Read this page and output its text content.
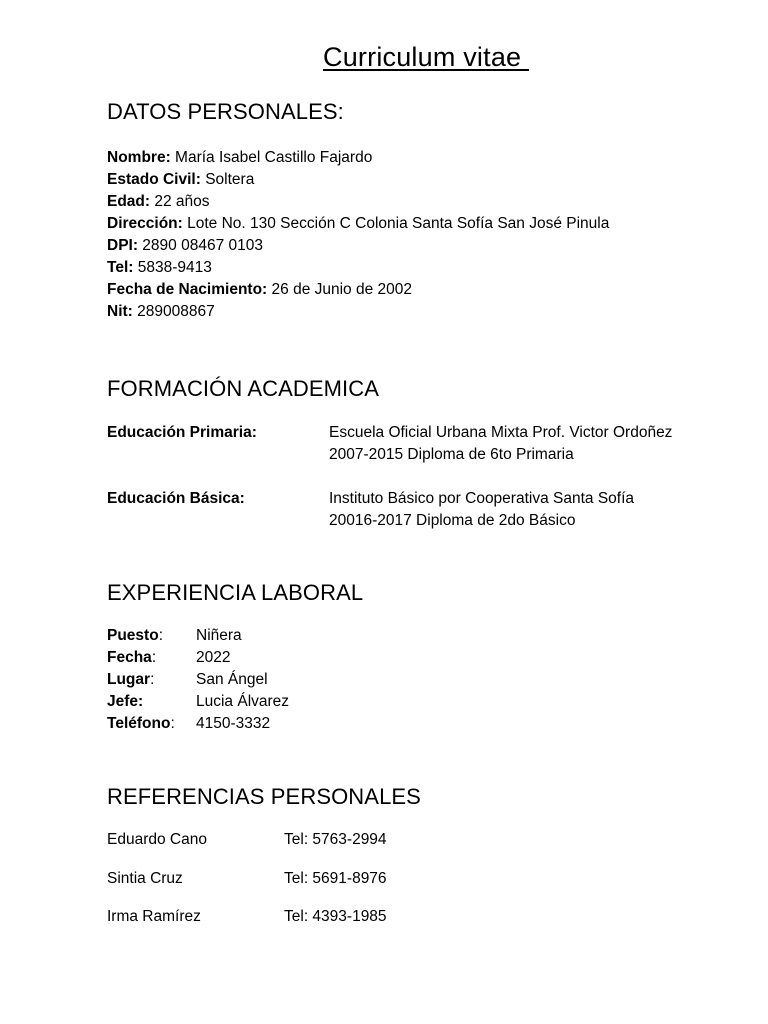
Curriculum vitae
DATOS PERSONALES:
Nombre: María Isabel Castillo Fajardo
Estado Civil: Soltera
Edad: 22 años
Dirección: Lote No. 130 Sección C Colonia Santa Sofía San José Pinula
DPI: 2890 08467 0103
Tel: 5838-9413
Fecha de Nacimiento: 26 de Junio de 2002
Nit: 289008867
FORMACIÓN ACADEMICA
Educación Primaria:	Escuela Oficial Urbana Mixta Prof. Victor Ordoñez
2007-2015 Diploma de 6to Primaria
Educación Básica:	Instituto Básico por Cooperativa Santa Sofía
20016-2017 Diploma de 2do Básico
EXPERIENCIA LABORAL
Puesto: Niñera
Fecha:	2022
Lugar:	San Ángel
Jefe:	Lucia Álvarez
Teléfono: 4150-3332
REFERENCIAS PERSONALES
Eduardo Cano	Tel: 5763-2994
Sintia Cruz	Tel: 5691-8976
Irma Ramírez	Tel: 4393-1985
